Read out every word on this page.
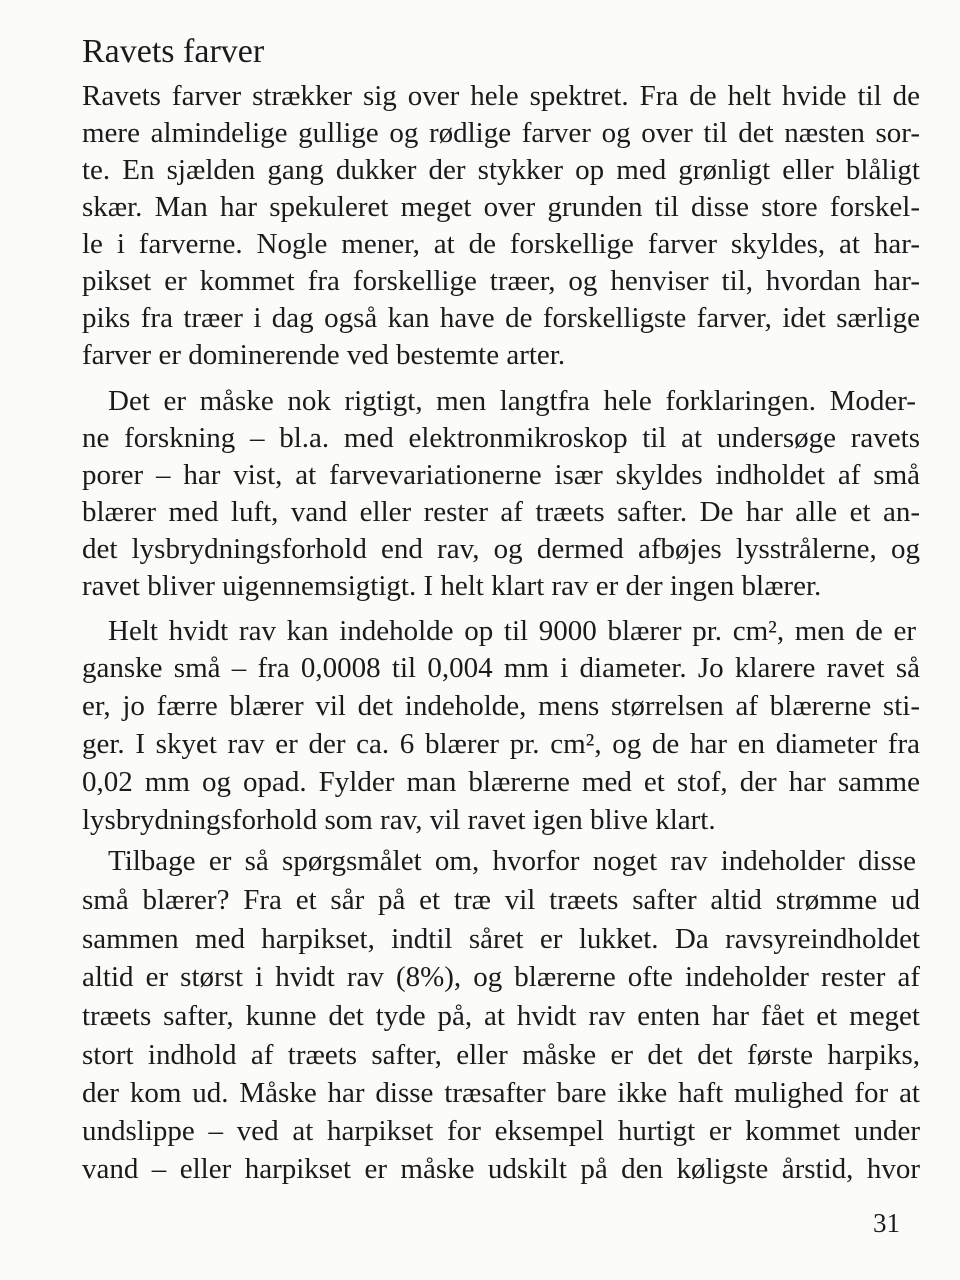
Ravets farver
Ravets farver strækker sig over hele spektret. Fra de helt hvide til de
mere almindelige gullige og rødlige farver og over til det næsten sor-
te. En sjælden gang dukker der stykker op med grønligt eller blåligt
skær. Man har spekuleret meget over grunden til disse store forskel-
le i farverne. Nogle mener, at de forskellige farver skyldes, at har-
pikset er kommet fra forskellige træer, og henviser til, hvordan har-
piks fra træer i dag også kan have de forskelligste farver, idet særlige
farver er dominerende ved bestemte arter.
Det er måske nok rigtigt, men langtfra hele forklaringen. Moder-
ne forskning – bl.a. med elektronmikroskop til at undersøge ravets
porer – har vist, at farvevariationerne især skyldes indholdet af små
blærer med luft, vand eller rester af træets safter. De har alle et an-
det lysbrydningsforhold end rav, og dermed afbøjes lysstrålerne, og
ravet bliver uigennemsigtigt. I helt klart rav er der ingen blærer.
Helt hvidt rav kan indeholde op til 9000 blærer pr. cm², men de er
ganske små – fra 0,0008 til 0,004 mm i diameter. Jo klarere ravet så
er, jo færre blærer vil det indeholde, mens størrelsen af blærerne sti-
ger. I skyet rav er der ca. 6 blærer pr. cm², og de har en diameter fra
0,02 mm og opad. Fylder man blærerne med et stof, der har samme
lysbrydningsforhold som rav, vil ravet igen blive klart.
Tilbage er så spørgsmålet om, hvorfor noget rav indeholder disse
små blærer? Fra et sår på et træ vil træets safter altid strømme ud
sammen med harpikset, indtil såret er lukket. Da ravsyreindholdet
altid er størst i hvidt rav (8%), og blærerne ofte indeholder rester af
træets safter, kunne det tyde på, at hvidt rav enten har fået et meget
stort indhold af træets safter, eller måske er det det første harpiks,
der kom ud. Måske har disse træsafter bare ikke haft mulighed for at
undslippe – ved at harpikset for eksempel hurtigt er kommet under
vand – eller harpikset er måske udskilt på den køligste årstid, hvor
31
